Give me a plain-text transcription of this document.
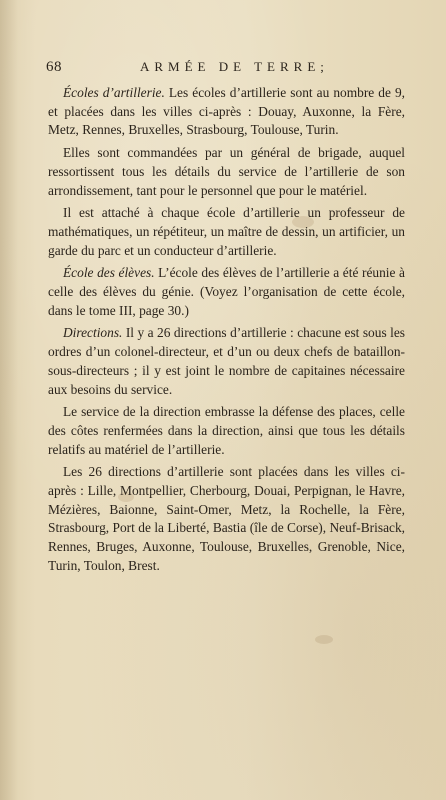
68	ARMÉE DE TERRE;

Écoles d’artillerie. Les écoles d’artillerie sont au nombre de 9, et placées dans les villes ci-après : Douay, Auxonne, la Fère, Metz, Rennes, Bruxelles, Strasbourg, Toulouse, Turin.

Elles sont commandées par un général de brigade, auquel ressortissent tous les détails du service de l’artillerie de son arrondissement, tant pour le personnel que pour le matériel.

Il est attaché à chaque école d’artillerie un professeur de mathématiques, un répétiteur, un maître de dessin, un artificier, un garde du parc et un conducteur d’artillerie.

École des élèves. L’école des élèves de l’artillerie a été réunie à celle des élèves du génie. (Voyez l’organisation de cette école, dans le tome III, page 30.)

Directions. Il y a 26 directions d’artillerie : chacune est sous les ordres d’un colonel-directeur, et d’un ou deux chefs de bataillon-sous-directeurs ; il y est joint le nombre de capitaines nécessaire aux besoins du service.

Le service de la direction embrasse la défense des places, celle des côtes renfermées dans la direction, ainsi que tous les détails relatifs au matériel de l’artillerie.

Les 26 directions d’artillerie sont placées dans les villes ci-après : Lille, Montpellier, Cherbourg, Douai, Perpignan, le Havre, Mézières, Baionne, Saint-Omer, Metz, la Rochelle, la Fère, Strasbourg, Port de la Liberté, Bastia (île de Corse), Neuf-Brisack, Rennes, Bruges, Auxonne, Toulouse, Bruxelles, Grenoble, Nice, Turin, Toulon, Brest.
